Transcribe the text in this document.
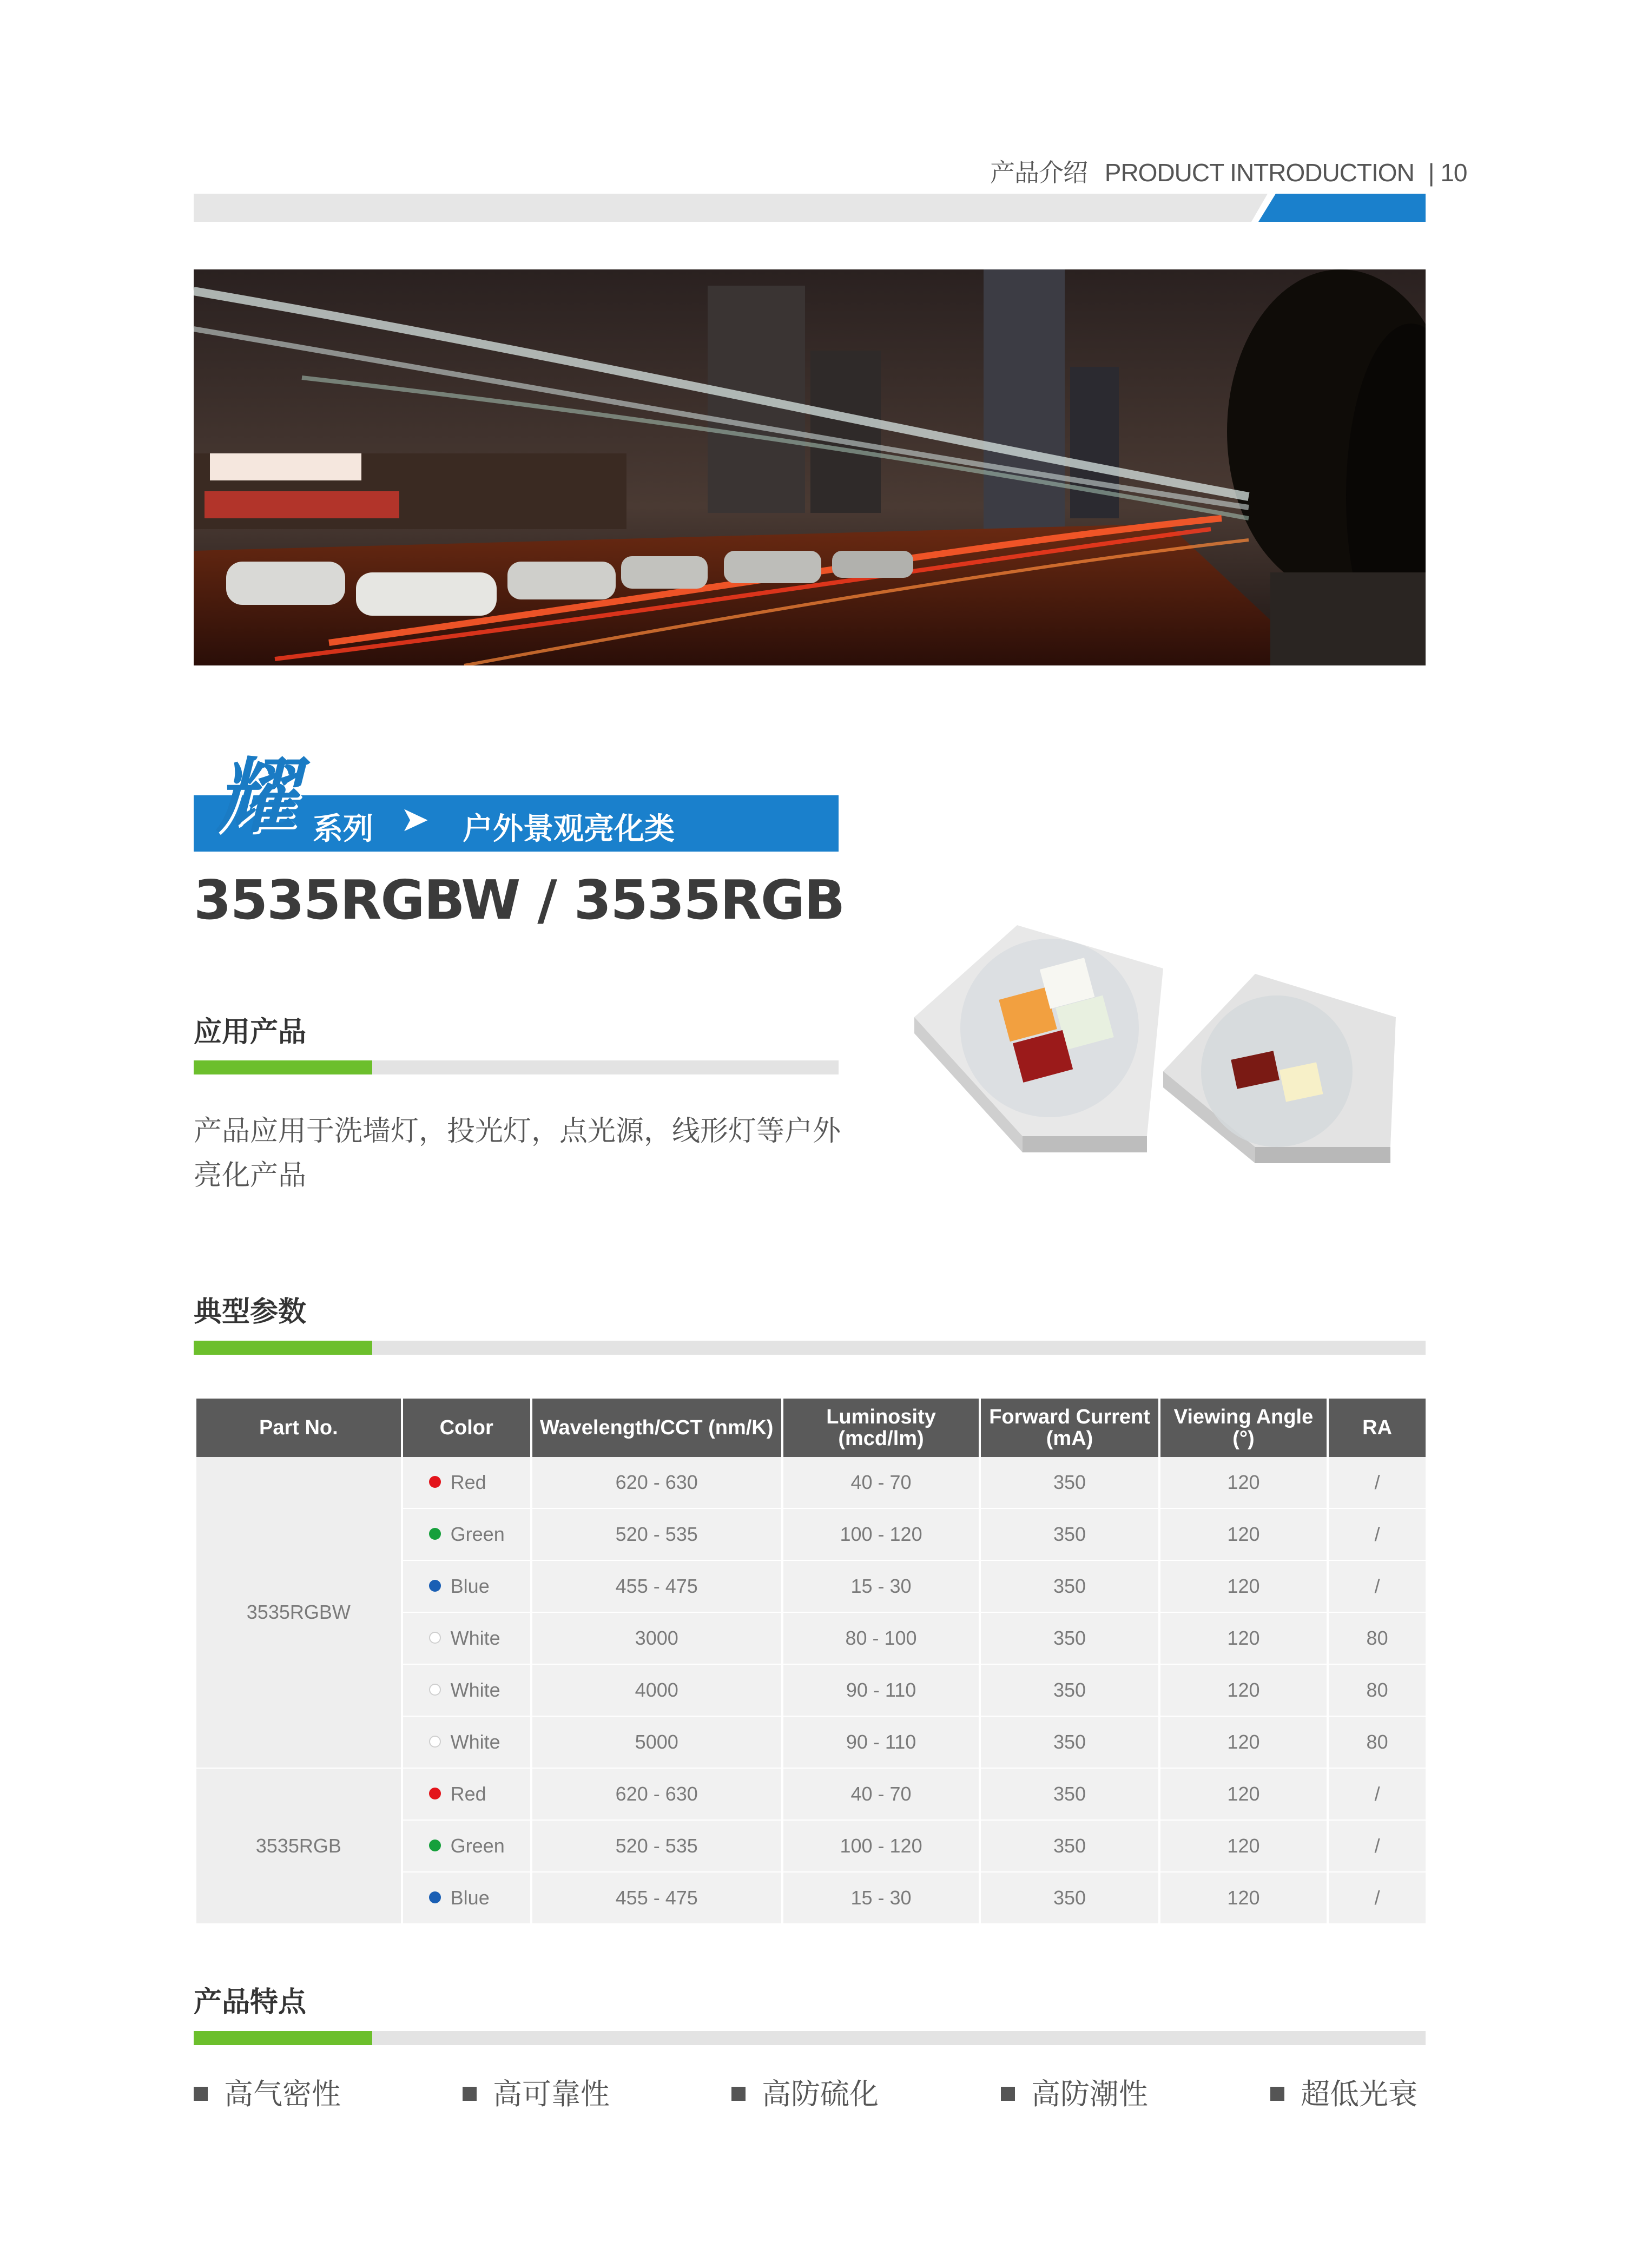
产品介绍 PRODUCT INTRODUCTION | 10
耀 系列 ➤ 户外景观亮化类
3535RGBW / 3535RGB
应用产品
产品应用于洗墙灯，投光灯，点光源，线形灯等户外亮化产品
典型参数
Part No.	Color	Wavelength/CCT (nm/K)	Luminosity (mcd/lm)	Forward Current (mA)	Viewing Angle (°)	RA
3535RGBW	Red	620 - 630	40 - 70	350	120	/
	Green	520 - 535	100 - 120	350	120	/
	Blue	455 - 475	15 - 30	350	120	/
	White	3000	80 - 100	350	120	80
	White	4000	90 - 110	350	120	80
	White	5000	90 - 110	350	120	80
3535RGB	Red	620 - 630	40 - 70	350	120	/
	Green	520 - 535	100 - 120	350	120	/
	Blue	455 - 475	15 - 30	350	120	/
产品特点
高气密性	高可靠性	高防硫化	高防潮性	超低光衰
